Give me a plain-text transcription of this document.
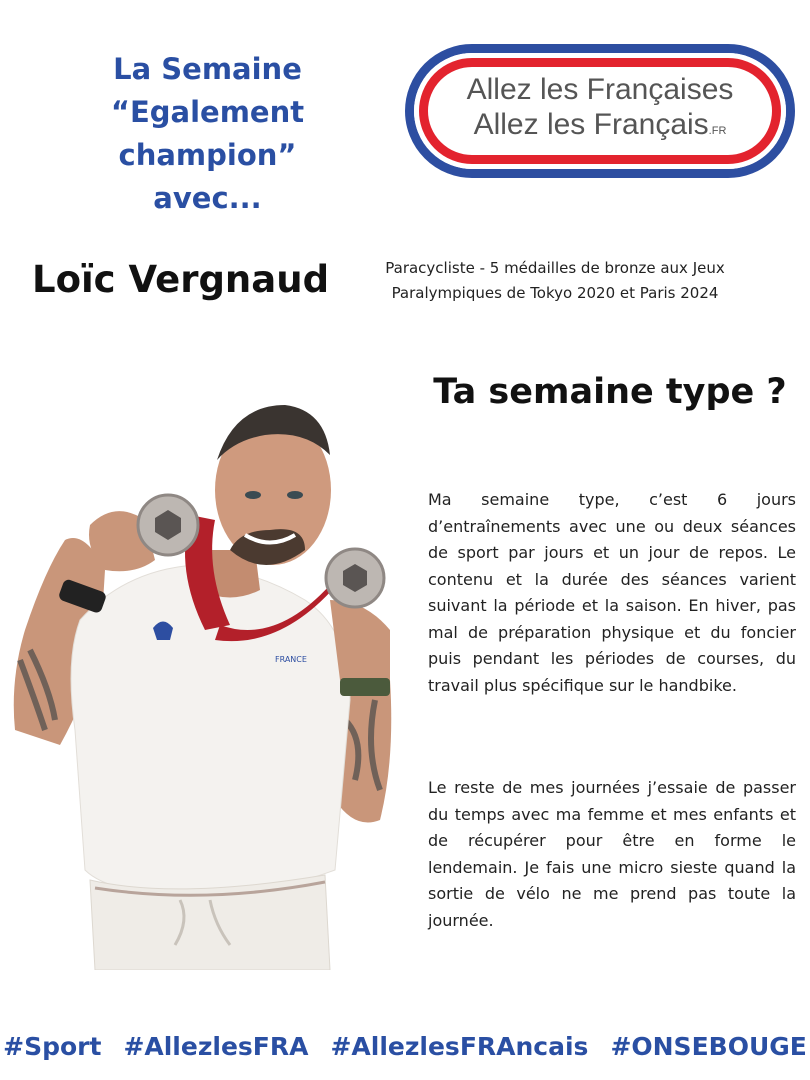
La Semaine
“Egalement champion”
avec...
Allez les Françaises
Allez les Français.FR
Loïc Vergnaud	Paracycliste - 5 médailles de bronze aux Jeux
Paralympiques de Tokyo 2020 et Paris 2024
FRANCE
Ta semaine type ?
Ma semaine type, c’est 6 jours d’entraînements avec une ou deux séances de sport par jours et un jour de repos. Le contenu et la durée des séances varient suivant la période et la saison. En hiver, pas mal de préparation physique et du foncier puis pendant les périodes de courses, du travail plus spécifique sur le handbike.
Le reste de mes journées j’essaie de passer du temps avec ma femme et mes enfants et de récupérer pour être en forme le lendemain. Je fais une micro sieste quand la sortie de vélo ne me prend pas toute la journée.
#Sport #AllezlesFRA #AllezlesFRAncais #ONSEBOUGE
